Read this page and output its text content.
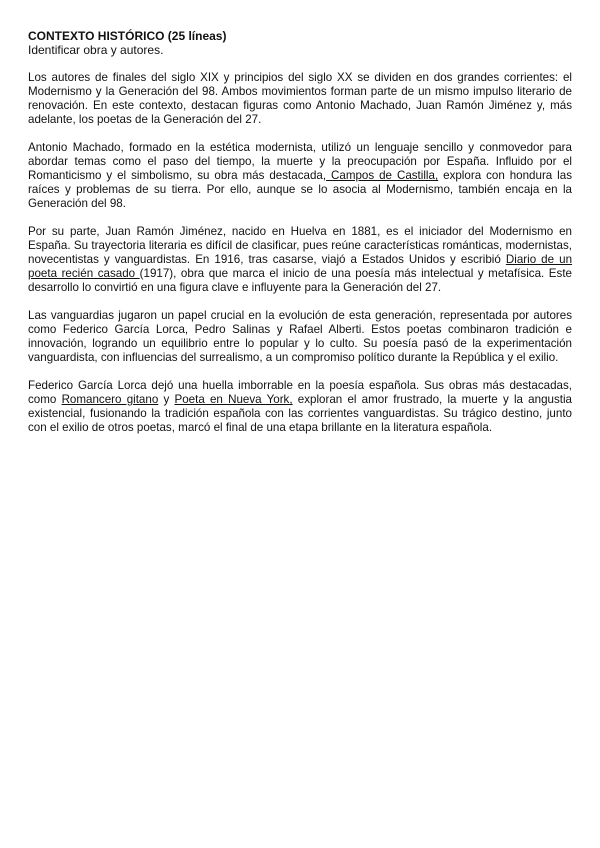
CONTEXTO HISTÓRICO (25 líneas)

Identificar obra y autores.

Los autores de finales del siglo XIX y principios del siglo XX se dividen en dos grandes corrientes: el Modernismo y la Generación del 98. Ambos movimientos forman parte de un mismo impulso literario de renovación. En este contexto, destacan figuras como Antonio Machado, Juan Ramón Jiménez y, más adelante, los poetas de la Generación del 27.

Antonio Machado, formado en la estética modernista, utilizó un lenguaje sencillo y conmovedor para abordar temas como el paso del tiempo, la muerte y la preocupación por España. Influido por el Romanticismo y el simbolismo, su obra más destacada, Campos de Castilla, explora con hondura las raíces y problemas de su tierra. Por ello, aunque se lo asocia al Modernismo, también encaja en la Generación del 98.

Por su parte, Juan Ramón Jiménez, nacido en Huelva en 1881, es el iniciador del Modernismo en España. Su trayectoria literaria es difícil de clasificar, pues reúne características románticas, modernistas, novecentistas y vanguardistas. En 1916, tras casarse, viajó a Estados Unidos y escribió Diario de un poeta recién casado (1917), obra que marca el inicio de una poesía más intelectual y metafísica. Este desarrollo lo convirtió en una figura clave e influyente para la Generación del 27.

Las vanguardias jugaron un papel crucial en la evolución de esta generación, representada por autores como Federico García Lorca, Pedro Salinas y Rafael Alberti. Estos poetas combinaron tradición e innovación, logrando un equilibrio entre lo popular y lo culto. Su poesía pasó de la experimentación vanguardista, con influencias del surrealismo, a un compromiso político durante la República y el exilio.

Federico García Lorca dejó una huella imborrable en la poesía española. Sus obras más destacadas, como Romancero gitano y Poeta en Nueva York, exploran el amor frustrado, la muerte y la angustia existencial, fusionando la tradición española con las corrientes vanguardistas. Su trágico destino, junto con el exilio de otros poetas, marcó el final de una etapa brillante en la literatura española.
